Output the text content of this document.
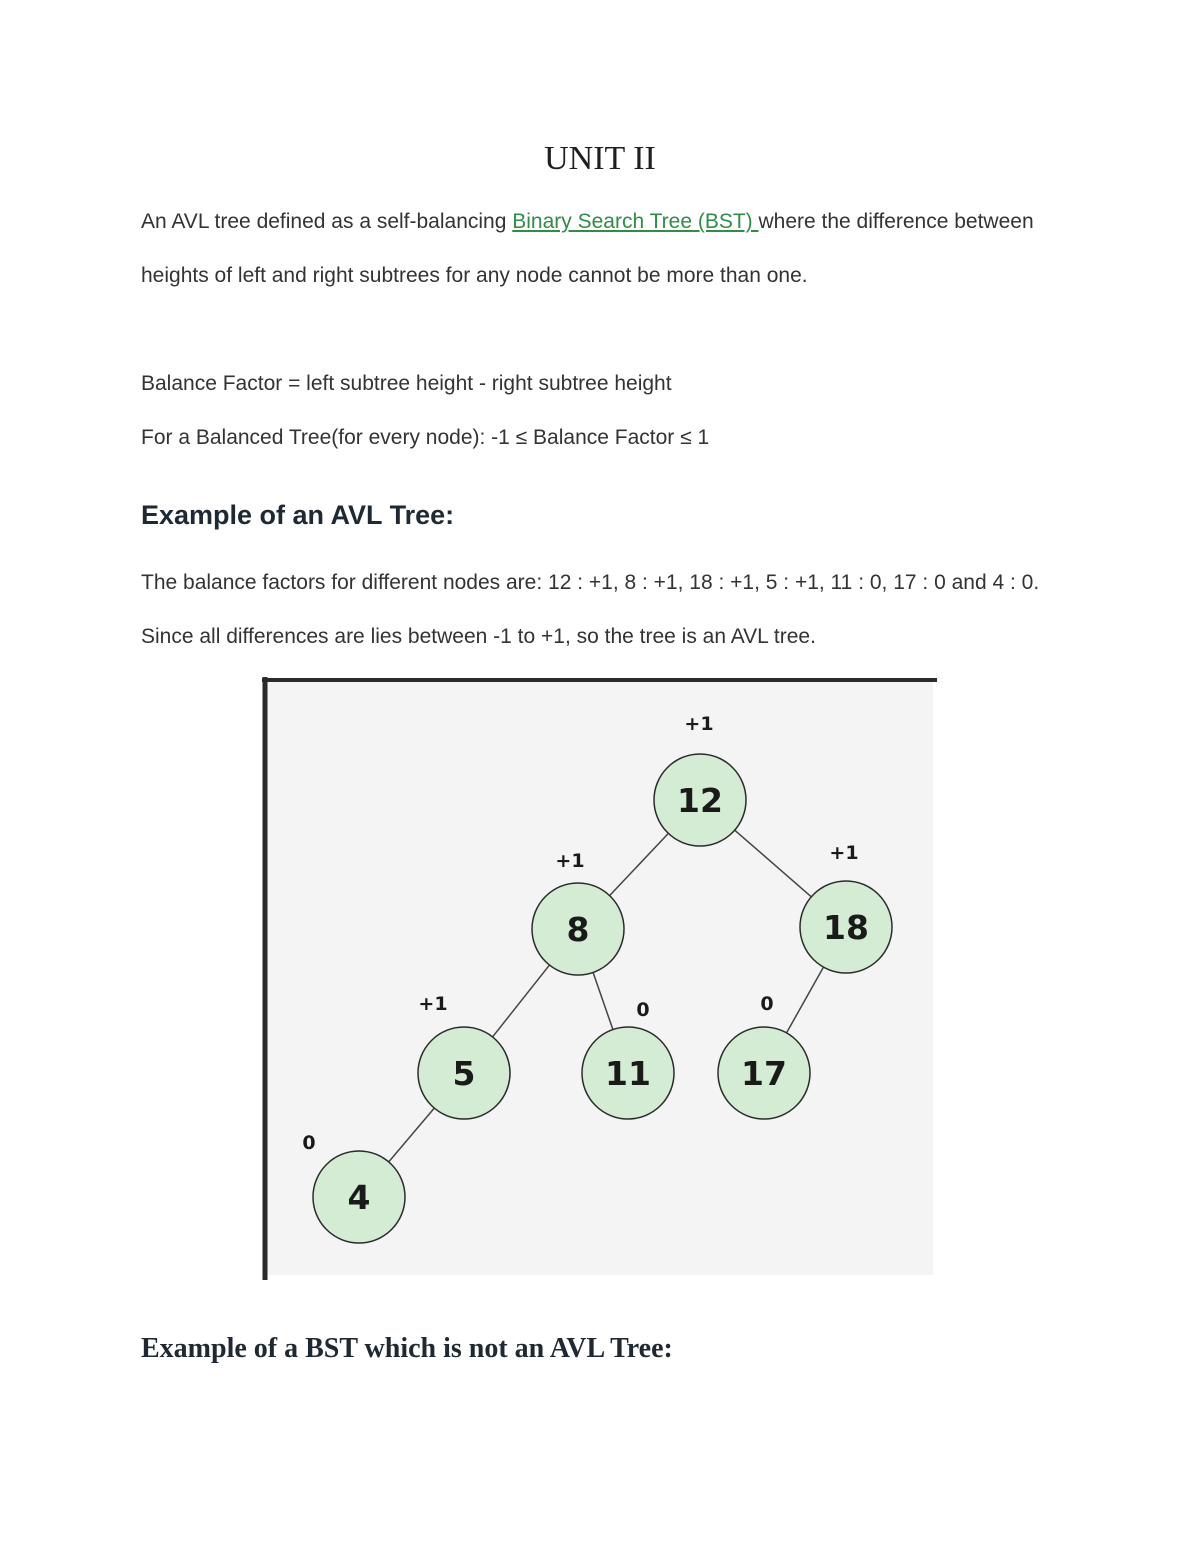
UNIT II

An AVL tree defined as a self-balancing Binary Search Tree (BST) where the difference between heights of left and right subtrees for any node cannot be more than one.

Balance Factor = left subtree height - right subtree height
For a Balanced Tree(for every node): -1 ≤ Balance Factor ≤ 1
Example of an AVL Tree:

The balance factors for different nodes are: 12 : +1, 8 : +1, 18 : +1, 5 : +1, 11 : 0, 17 : 0 and 4 : 0. Since all differences are lies between -1 to +1, so the tree is an AVL tree.

12
+1
8
+1
18
+1
5
+1
11
0
17
0
4
0
Example of a BST which is not an AVL Tree:
